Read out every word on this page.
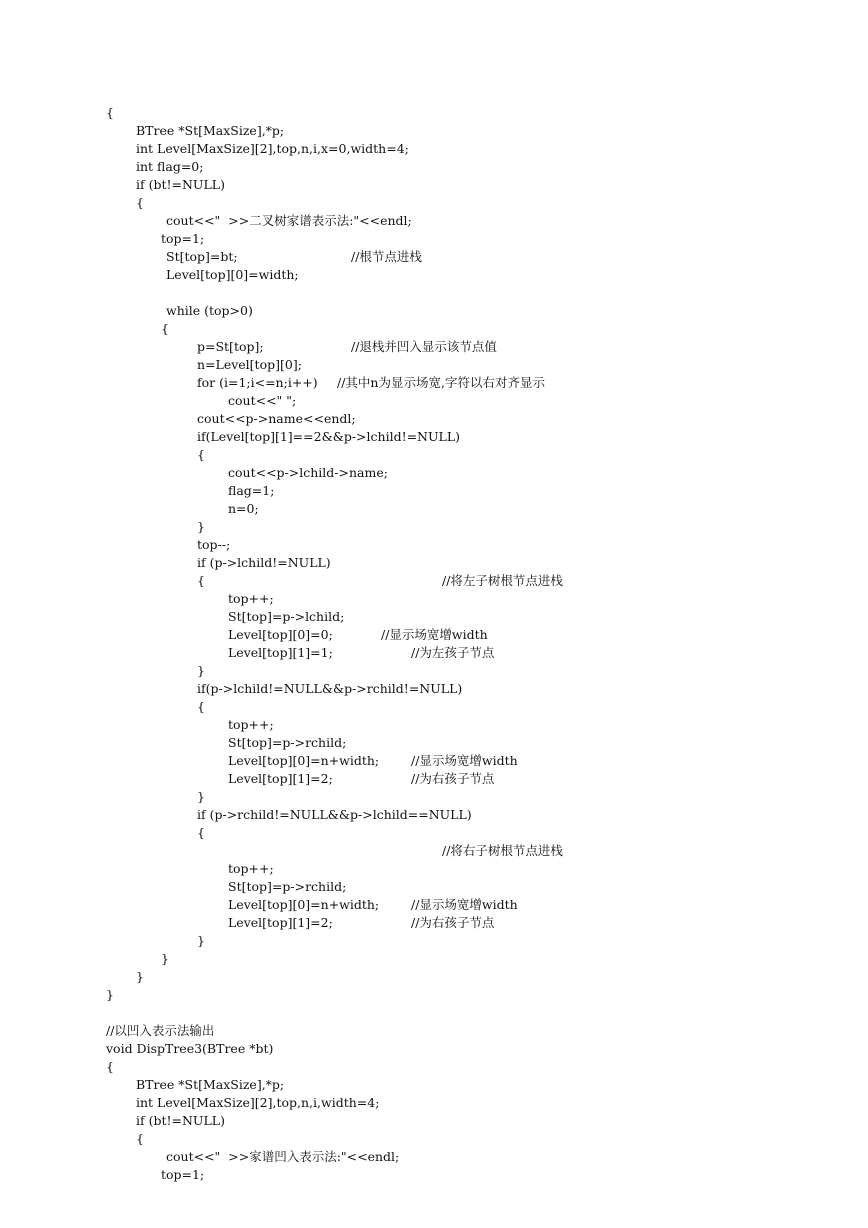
{
BTree *St[MaxSize],*p;
int Level[MaxSize][2],top,n,i,x=0,width=4;
int flag=0;
if (bt!=NULL)
{
cout<<"  >>二叉树家谱表示法:"<<endl;
top=1;
St[top]=bt;	//根节点进栈
Level[top][0]=width;
while (top>0)
{
p=St[top];	//退栈并凹入显示该节点值
n=Level[top][0];
for (i=1;i<=n;i++) //其中n为显示场宽,字符以右对齐显示
cout<<" ";
cout<<p->name<<endl;
if(Level[top][1]==2&&p->lchild!=NULL)
{
cout<<p->lchild->name;
flag=1;
n=0;
}
top--;
if (p->lchild!=NULL)
{	//将左子树根节点进栈
top++;
St[top]=p->lchild;
Level[top][0]=0;	//显示场宽增width
Level[top][1]=1;	//为左孩子节点
}
if(p->lchild!=NULL&&p->rchild!=NULL)
{
top++;
St[top]=p->rchild;
Level[top][0]=n+width;	//显示场宽增width
Level[top][1]=2;	//为右孩子节点
}
if (p->rchild!=NULL&&p->lchild==NULL)
{
//将右子树根节点进栈
top++;
St[top]=p->rchild;
Level[top][0]=n+width;	//显示场宽增width
Level[top][1]=2;	//为右孩子节点
}
}
}
}
//以凹入表示法输出
void DispTree3(BTree *bt)
{
BTree *St[MaxSize],*p;
int Level[MaxSize][2],top,n,i,width=4;
if (bt!=NULL)
{
cout<<"  >>家谱凹入表示法:"<<endl;
top=1;
